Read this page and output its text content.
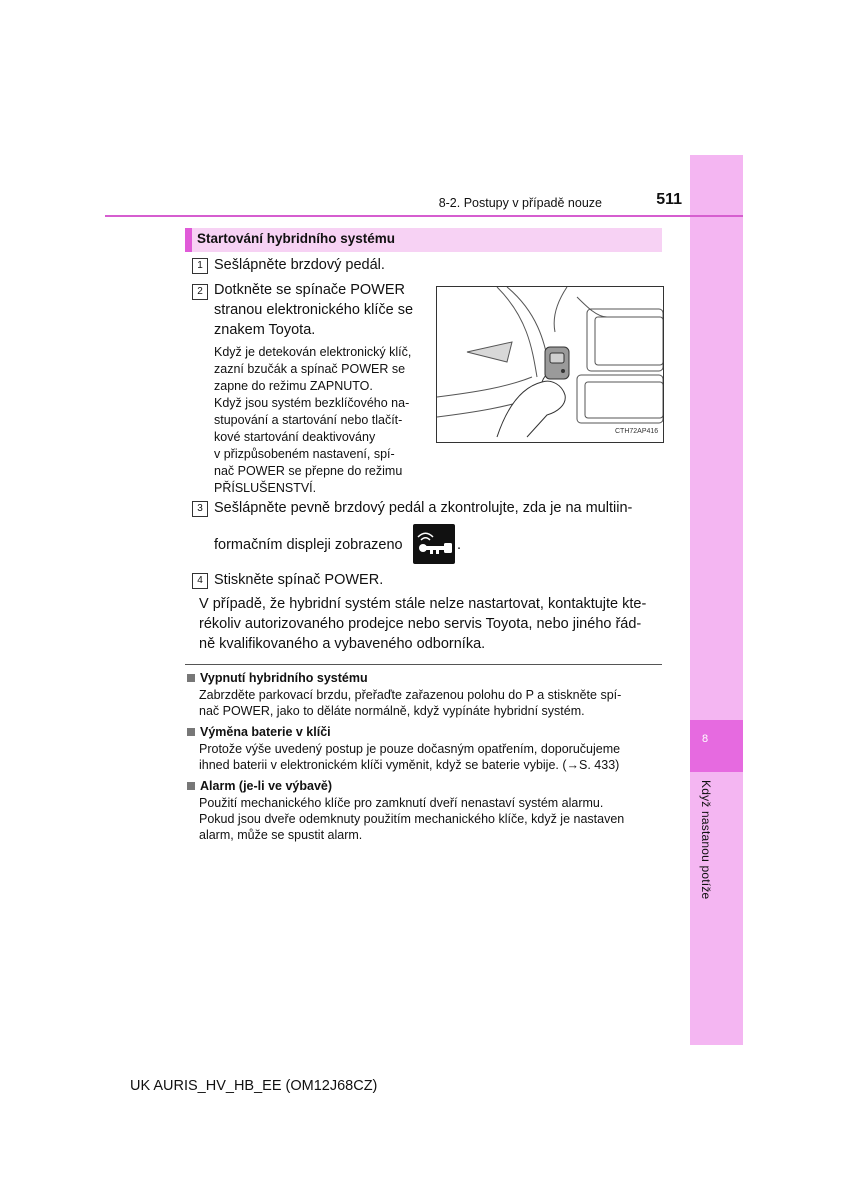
8
Když nastanou potíže
8-2. Postupy v případě nouze	511
Startování hybridního systému
1 Sešlápněte brzdový pedál.
2 Dotkněte se spínače POWER
stranou elektronického klíče se
znakem Toyota.
Když je detekován elektronický klíč,
zazní bzučák a spínač POWER se
zapne do režimu ZAPNUTO.
Když jsou systém bezklíčového na-
stupování a startování nebo tlačít-
kové startování deaktivovány
v přizpůsobeném nastavení, spí-
nač POWER se přepne do režimu
PŘÍSLUŠENSTVÍ.
CTH72AP416
3 Sešlápněte pevně brzdový pedál a zkontrolujte, zda je na multiin-
formačním displeji zobrazeno	.
4 Stiskněte spínač POWER.
V případě, že hybridní systém stále nelze nastartovat, kontaktujte kte-
rékoliv autorizovaného prodejce nebo servis Toyota, nebo jiného řád-
ně kvalifikovaného a vybaveného odborníka.
Vypnutí hybridního systému
Zabrzděte parkovací brzdu, přeřaďte zařazenou polohu do P a stiskněte spí-
nač POWER, jako to děláte normálně, když vypínáte hybridní systém.
Výměna baterie v klíči
Protože výše uvedený postup je pouze dočasným opatřením, doporučujeme
ihned baterii v elektronickém klíči vyměnit, když se baterie vybije. (→S. 433)
Alarm (je-li ve výbavě)
Použití mechanického klíče pro zamknutí dveří nenastaví systém alarmu.
Pokud jsou dveře odemknuty použitím mechanického klíče, když je nastaven
alarm, může se spustit alarm.
UK AURIS_HV_HB_EE (OM12J68CZ)
